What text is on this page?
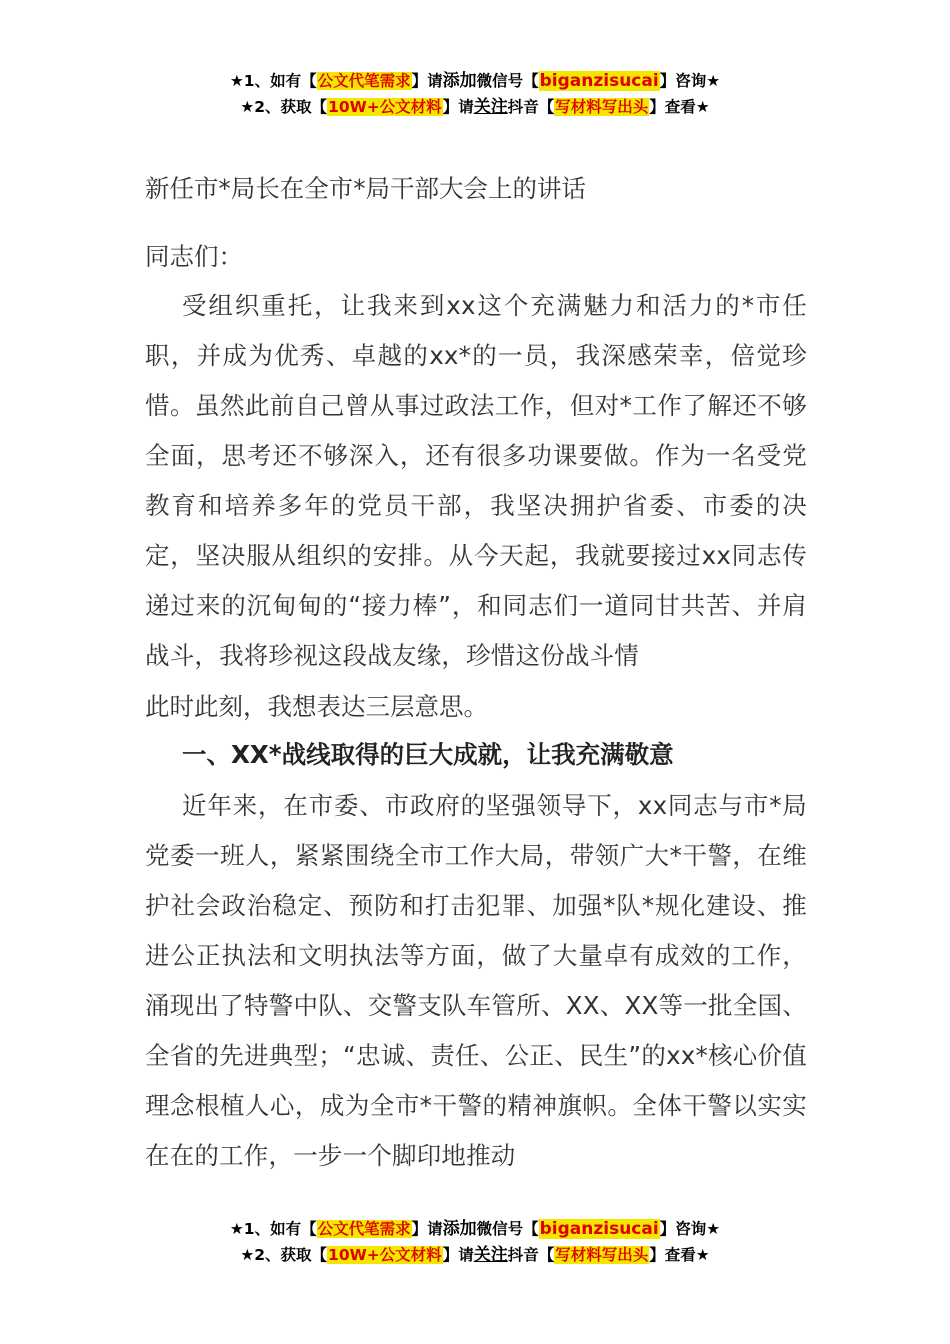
★1、如有【公文代笔需求】请添加微信号【biganzisucai】咨询★
★2、获取【10W+公文材料】请关注抖音【写材料写出头】查看★
新任市*局长在全市*局干部大会上的讲话
同志们：

受组织重托，让我来到xx这个充满魅力和活力的*市任职，并成为优秀、卓越的xx*的一员，我深感荣幸，倍觉珍惜。虽然此前自己曾从事过政法工作，但对*工作了解还不够全面，思考还不够深入，还有很多功课要做。作为一名受党教育和培养多年的党员干部，我坚决拥护省委、市委的决定，坚决服从组织的安排。从今天起，我就要接过xx同志传递过来的沉甸甸的“接力棒”，和同志们一道同甘共苦、并肩战斗，我将珍视这段战友缘，珍惜这份战斗情

此时此刻，我想表达三层意思。
一、XX*战线取得的巨大成就，让我充满敬意

近年来，在市委、市政府的坚强领导下，xx同志与市*局党委一班人，紧紧围绕全市工作大局，带领广大*干警，在维护社会政治稳定、预防和打击犯罪、加强*队*规化建设、推进公正执法和文明执法等方面，做了大量卓有成效的工作，涌现出了特警中队、交警支队车管所、XX、XX等一批全国、全省的先进典型；“忠诚、责任、公正、民生”的xx*核心价值理念根植人心，成为全市*干警的精神旗帜。全体干警以实实在在的工作，一步一个脚印地推动

★1、如有【公文代笔需求】请添加微信号【biganzisucai】咨询★
★2、获取【10W+公文材料】请关注抖音【写材料写出头】查看★
